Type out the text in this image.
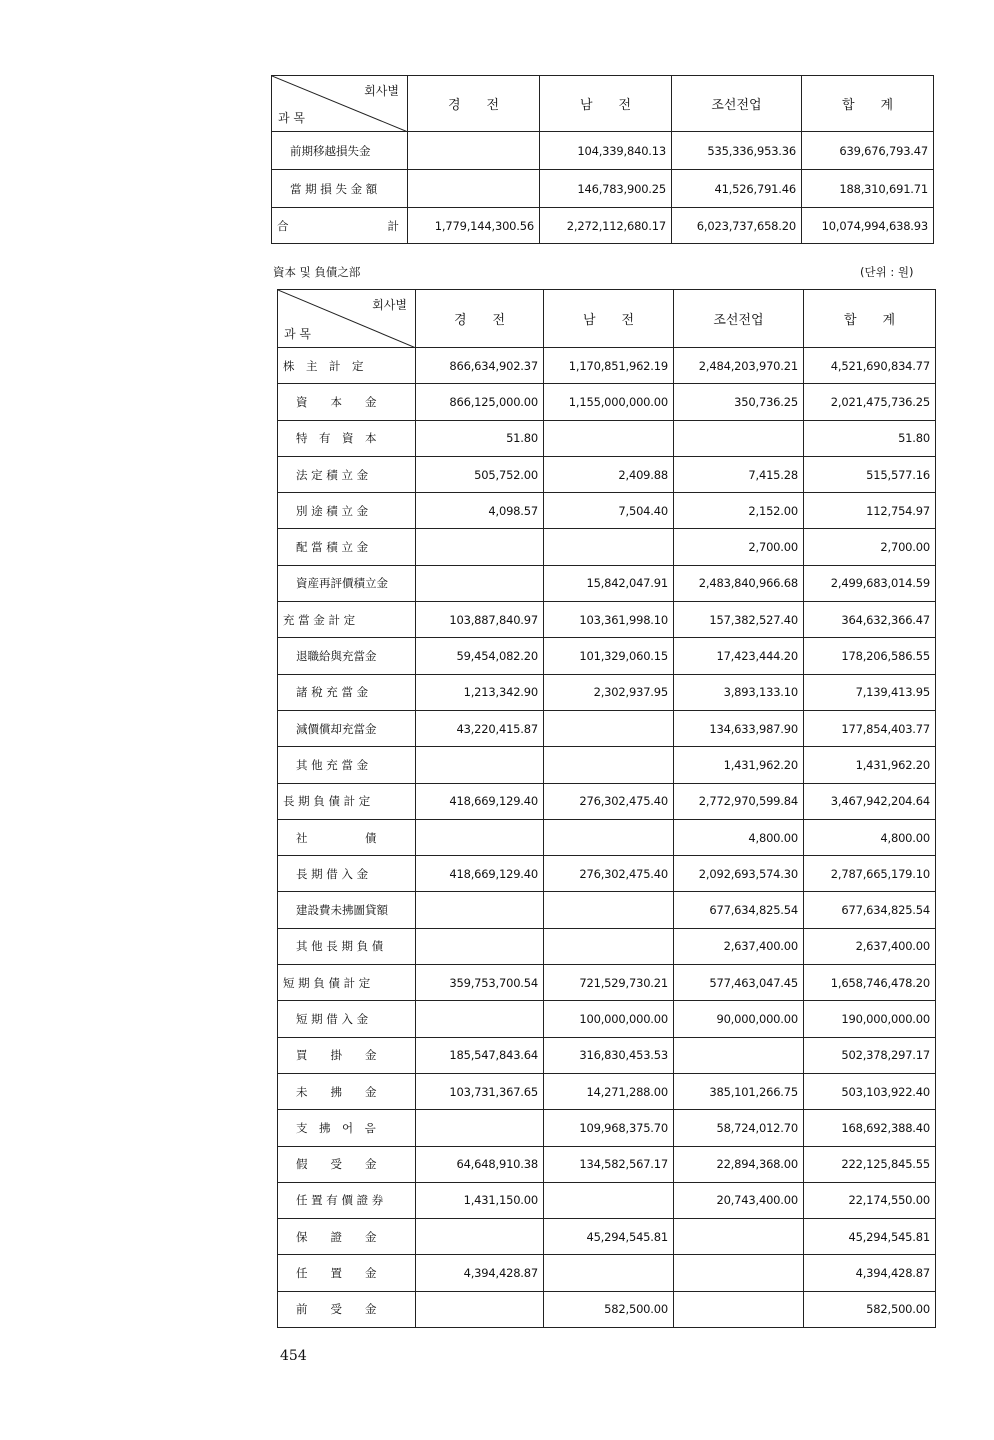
회사별
과 목	경　　전	남　　전	조선전업	합　　계
前期移越損失金		104,339,840.13	535,336,953.36	639,676,793.47
當 期 損 失 金 額		146,783,900.25	41,526,791.46	188,310,691.71
合 計	1,779,144,300.56	2,272,112,680.17	6,023,737,658.20	10,074,994,638.93
資本 및 負債之部	(단위 : 원)
회사별
과 목	경　　전	남　　전	조선전업	합　　계
株　主　計　定	866,634,902.37	1,170,851,962.19	2,484,203,970.21	4,521,690,834.77
資　　本　　金	866,125,000.00	1,155,000,000.00	350,736.25	2,021,475,736.25
特　有　資　本	51.80			51.80
法 定 積 立 金	505,752.00	2,409.88	7,415.28	515,577.16
別 途 積 立 金	4,098.57	7,504.40	2,152.00	112,754.97
配 當 積 立 金			2,700.00	2,700.00
資産再評價積立金		15,842,047.91	2,483,840,966.68	2,499,683,014.59
充 當 金 計 定	103,887,840.97	103,361,998.10	157,382,527.40	364,632,366.47
退職給與充當金	59,454,082.20	101,329,060.15	17,423,444.20	178,206,586.55
諸 稅 充 當 金	1,213,342.90	2,302,937.95	3,893,133.10	7,139,413.95
減價償却充當金	43,220,415.87		134,633,987.90	177,854,403.77
其 他 充 當 金			1,431,962.20	1,431,962.20
長 期 負 債 計 定	418,669,129.40	276,302,475.40	2,772,970,599.84	3,467,942,204.64
社　　　　　債			4,800.00	4,800.00
長 期 借 入 金	418,669,129.40	276,302,475.40	2,092,693,574.30	2,787,665,179.10
建設費未拂圖貸額			677,634,825.54	677,634,825.54
其 他 長 期 負 債			2,637,400.00	2,637,400.00
短 期 負 債 計 定	359,753,700.54	721,529,730.21	577,463,047.45	1,658,746,478.20
短 期 借 入 金		100,000,000.00	90,000,000.00	190,000,000.00
買　　掛　　金	185,547,843.64	316,830,453.53		502,378,297.17
未　　拂　　金	103,731,367.65	14,271,288.00	385,101,266.75	503,103,922.40
支　拂　어　음		109,968,375.70	58,724,012.70	168,692,388.40
假　　受　　金	64,648,910.38	134,582,567.17	22,894,368.00	222,125,845.55
任 置 有 價 證 券	1,431,150.00		20,743,400.00	22,174,550.00
保　　證　　金		45,294,545.81		45,294,545.81
任　　置　　金	4,394,428.87			4,394,428.87
前　　受　　金		582,500.00		582,500.00
454
